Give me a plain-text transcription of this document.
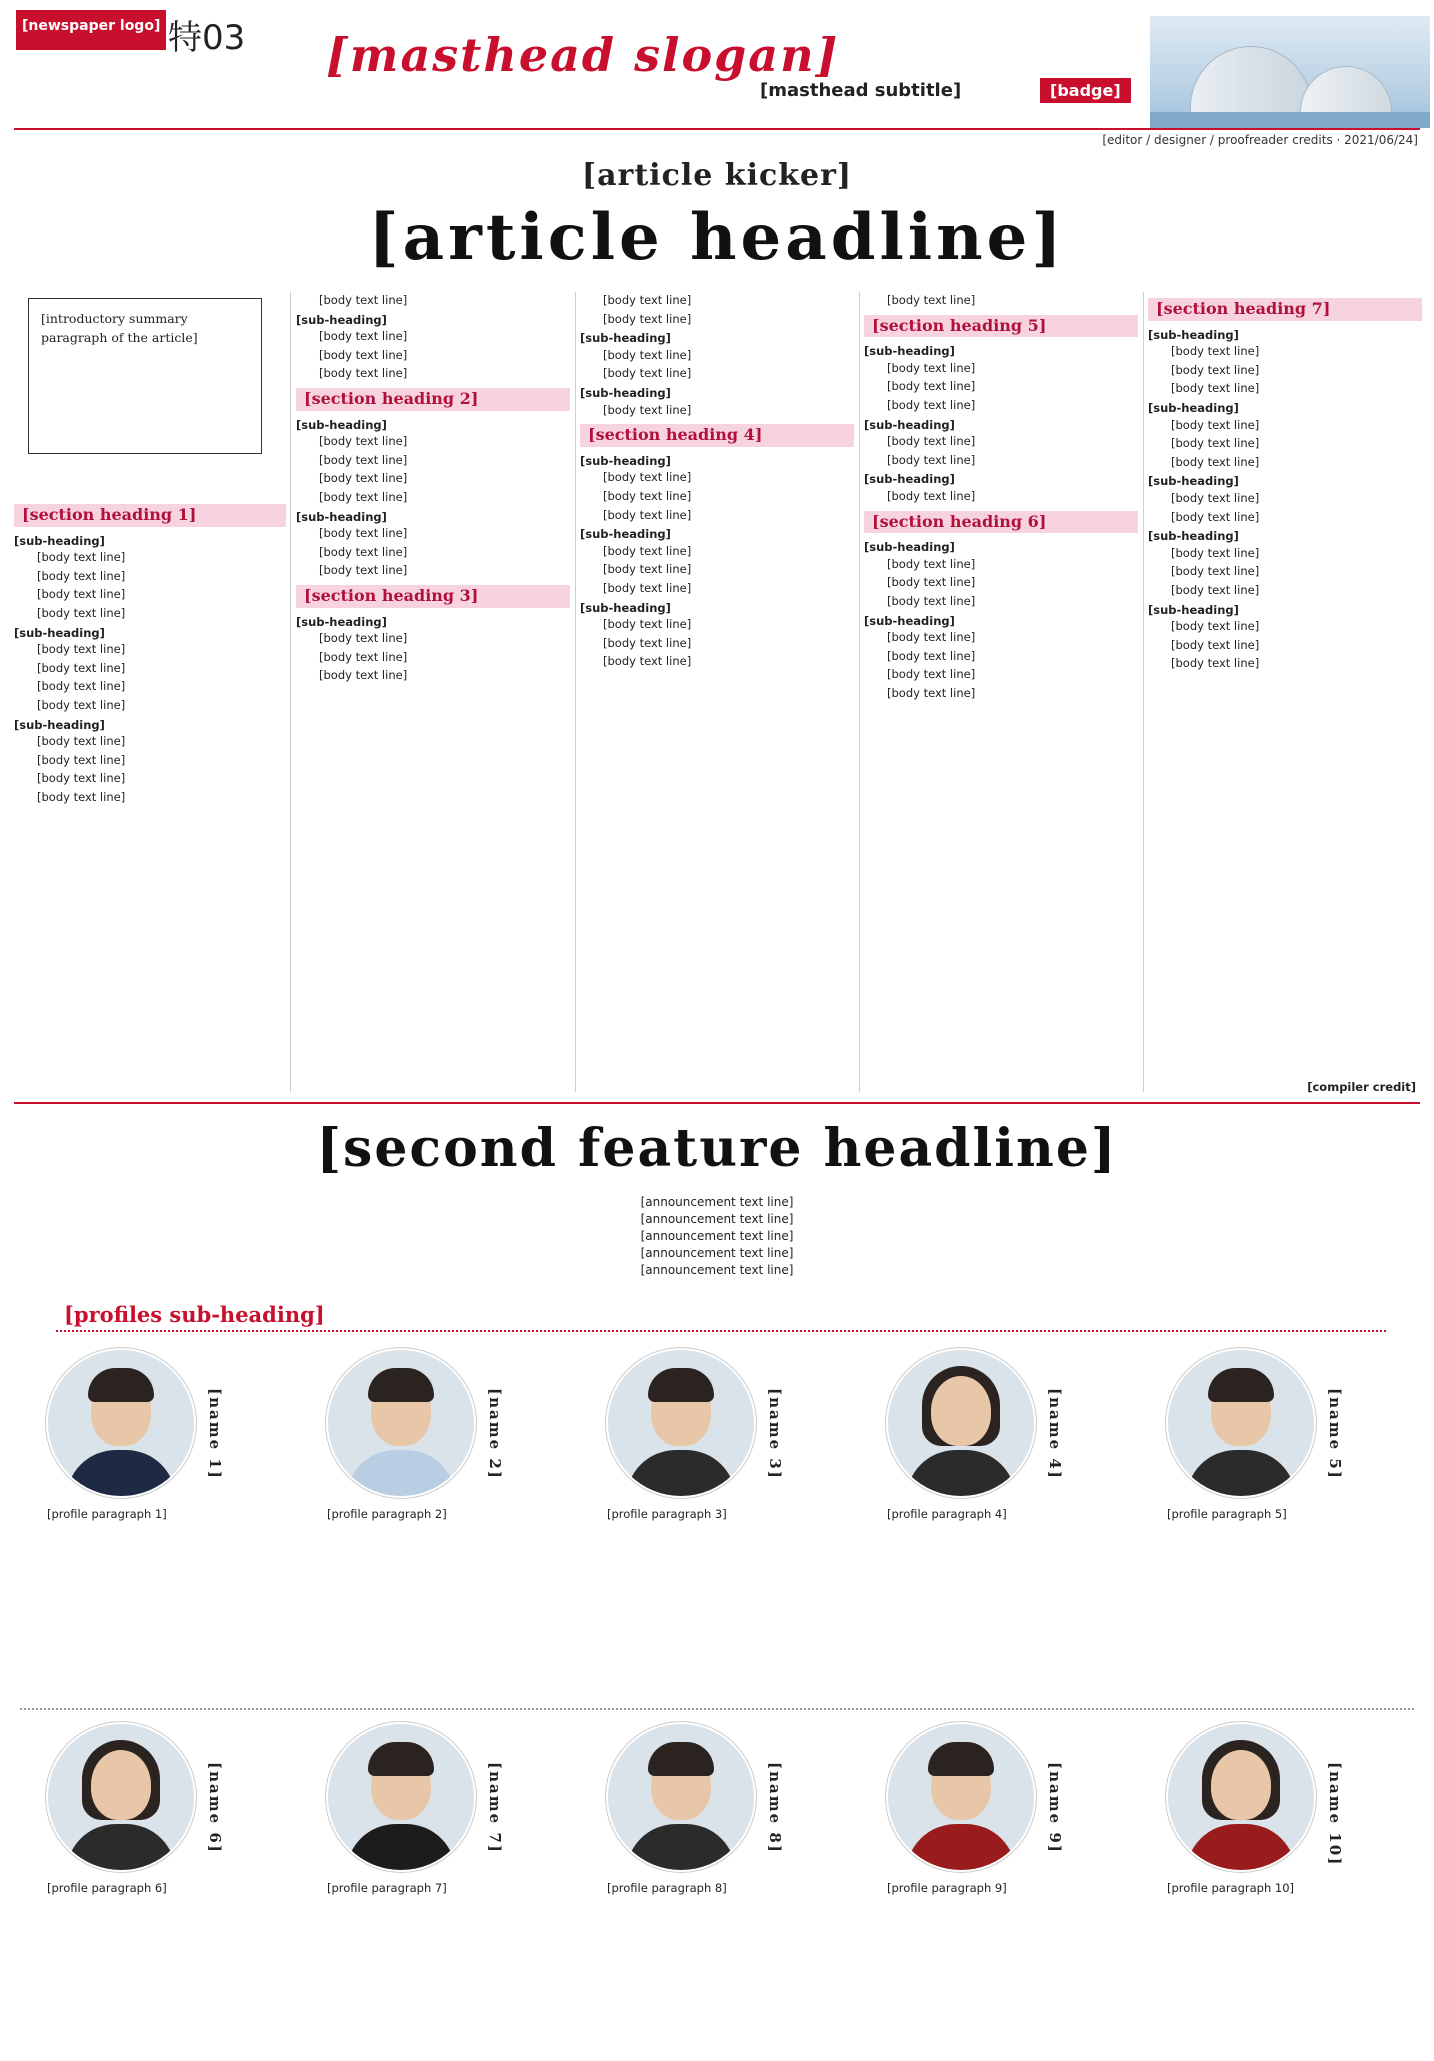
[newspaper logo] 特03 [masthead slogan]
[masthead subtitle]	[badge]
[editor / designer / proofreader credits · 2021/06/24]
[article kicker]
[article headline]
[introductory summary paragraph of the article]
[section heading 1]
[sub-heading]

[body text line]

[body text line]

[body text line]

[body text line]

[sub-heading]

[body text line]

[body text line]

[body text line]

[body text line]

[sub-heading]

[body text line]

[body text line]

[body text line]

[body text line]

[body text line]

[sub-heading]

[body text line]

[body text line]

[body text line]

[section heading 2]
[sub-heading]

[body text line]

[body text line]

[body text line]

[body text line]

[sub-heading]

[body text line]

[body text line]

[body text line]

[section heading 3]
[sub-heading]

[body text line]

[body text line]

[body text line]

[body text line]

[body text line]

[sub-heading]

[body text line]

[body text line]

[sub-heading]

[body text line]

[section heading 4]
[sub-heading]

[body text line]

[body text line]

[body text line]

[sub-heading]

[body text line]

[body text line]

[body text line]

[sub-heading]

[body text line]

[body text line]

[body text line]

[body text line]

[section heading 5]
[sub-heading]

[body text line]

[body text line]

[body text line]

[sub-heading]

[body text line]

[body text line]

[sub-heading]

[body text line]

[section heading 6]
[sub-heading]

[body text line]

[body text line]

[body text line]

[sub-heading]

[body text line]

[body text line]

[body text line]

[body text line]

[section heading 7]
[sub-heading]

[body text line]

[body text line]

[body text line]

[sub-heading]

[body text line]

[body text line]

[body text line]

[sub-heading]

[body text line]

[body text line]

[sub-heading]

[body text line]

[body text line]

[body text line]

[sub-heading]

[body text line]

[body text line]

[body text line]

[compiler credit]
[second feature headline]

[announcement text line]

[announcement text line]

[announcement text line]

[announcement text line]

[announcement text line]

[profiles sub-heading]
[name 1]

[profile paragraph 1]

[name 2]

[profile paragraph 2]

[name 3]

[profile paragraph 3]

[name 4]

[profile paragraph 4]

[name 5]

[profile paragraph 5]

[name 6]

[profile paragraph 6]

[name 7]

[profile paragraph 7]

[name 8]

[profile paragraph 8]

[name 9]

[profile paragraph 9]

[name 10]

[profile paragraph 10]
